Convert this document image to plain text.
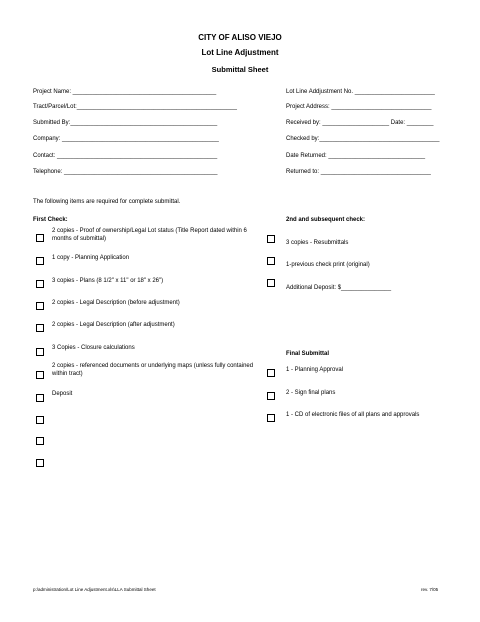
CITY OF ALISO VIEJO
Lot Line Adjustment
Submittal Sheet
Project Name: ___________________________________________
Tract/Parcel/Lot:________________________________________________
Submitted By:____________________________________________
Company: _______________________________________________
Contact: ________________________________________________
Telephone: ______________________________________________
Lot Line Addjustment No. ________________________
Project Address: ______________________________
Received by: ____________________ Date: ________
Checked by:____________________________________
Date Returned: _____________________________
Returned to: _________________________________
The following items are required for complete submittal.
First Check:
2 copies - Proof of ownership/Legal Lot status (Title Report dated within 6 months of submittal)
1 copy - Planning Application
3 copies - Plans (8 1/2" x 11" or 18" x 26")
2 copies - Legal Description (before adjustment)
2 copies - Legal Description (after adjustment)
3 Copies - Closure calculations
2 copies - referenced documents or underlying maps (unless fully contained within tract)
Deposit
2nd and subsequent check:
3 copies - Resubmittals
1-previous check print (original)
Additional Deposit: $_______________
Final Submittal
1 - Planning Approval
2 - Sign final plans
1 - CD of electronic files of all plans and approvals
p:/administration/Lot Line Adjustment.xls\LLA Submittal Sheet	rev. 7/05
